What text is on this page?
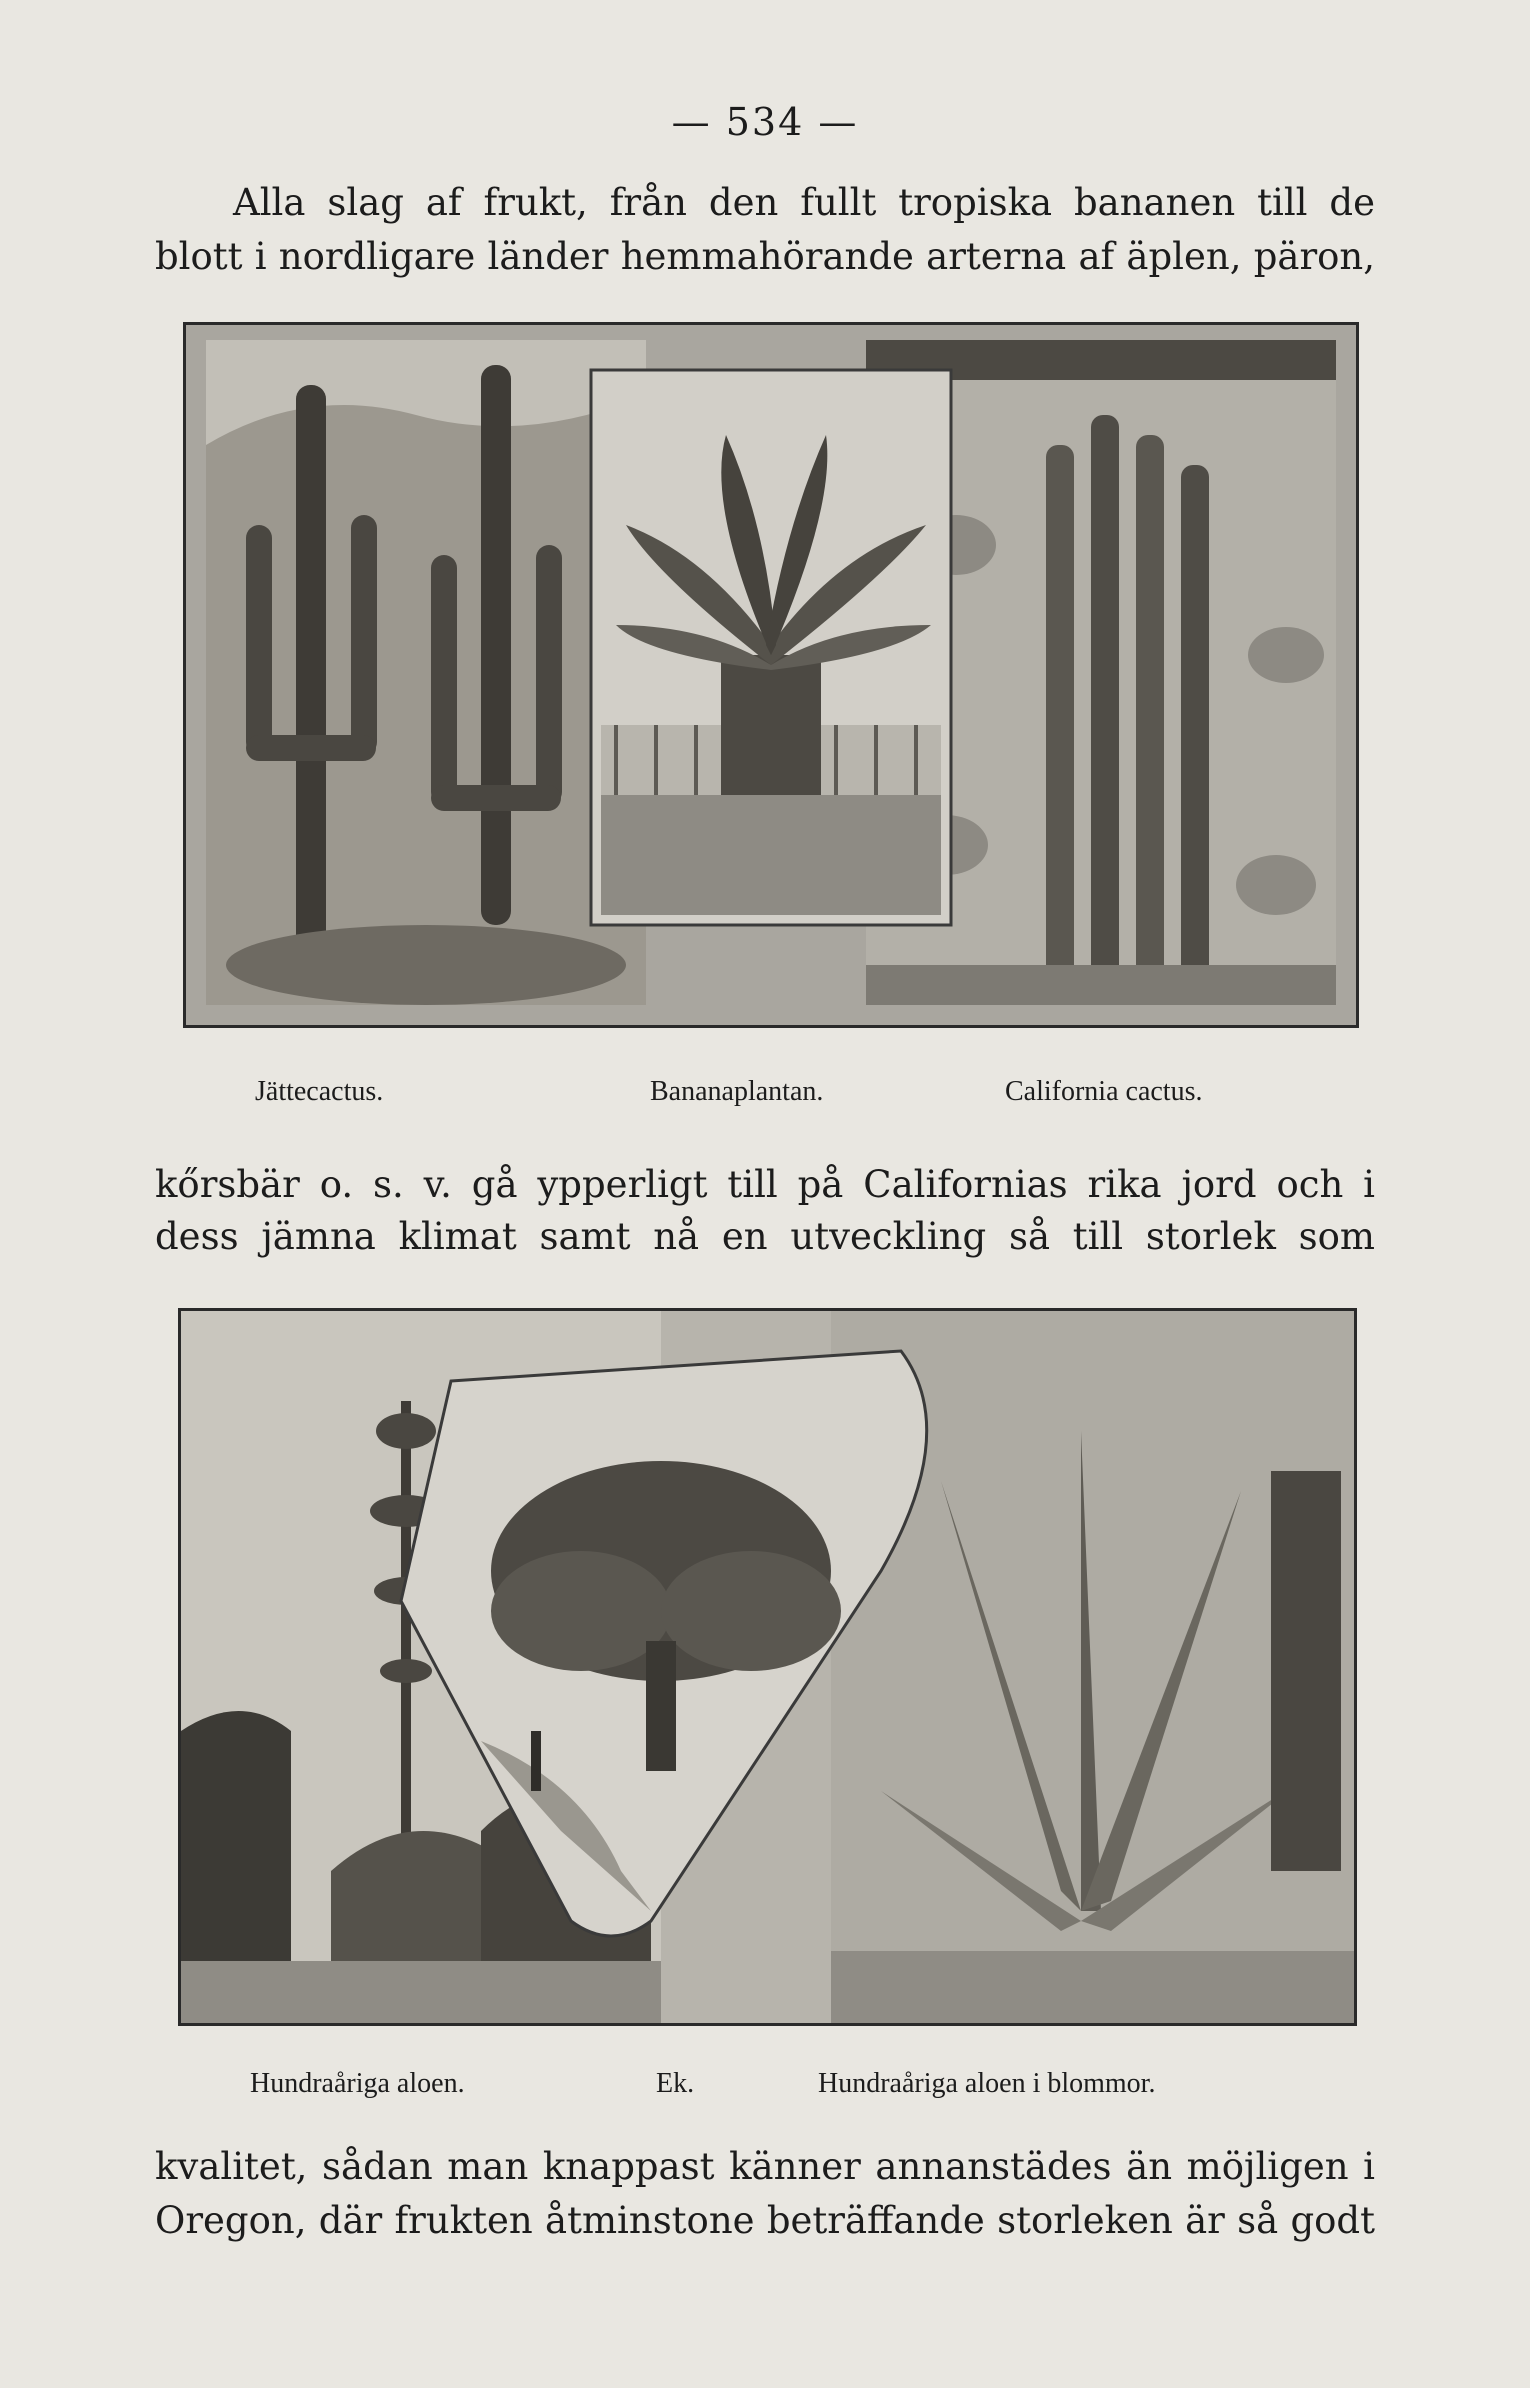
— 534 —
Alla slag af frukt, från den fullt tropiska bananen till de
blott i nordligare länder hemmahörande arterna af äplen, päron,
Jättecactus.	Bananaplantan.	California cactus.
kőrsbär o. s. v. gå ypperligt till på Californias rika jord och i
dess jämna klimat samt nå en utveckling så till storlek som
Hundraåriga aloen.	Ek.	Hundraåriga aloen i blommor.
kvalitet, sådan man knappast känner annanstädes än möjligen i
Oregon, där frukten åtminstone beträffande storleken är så godt
